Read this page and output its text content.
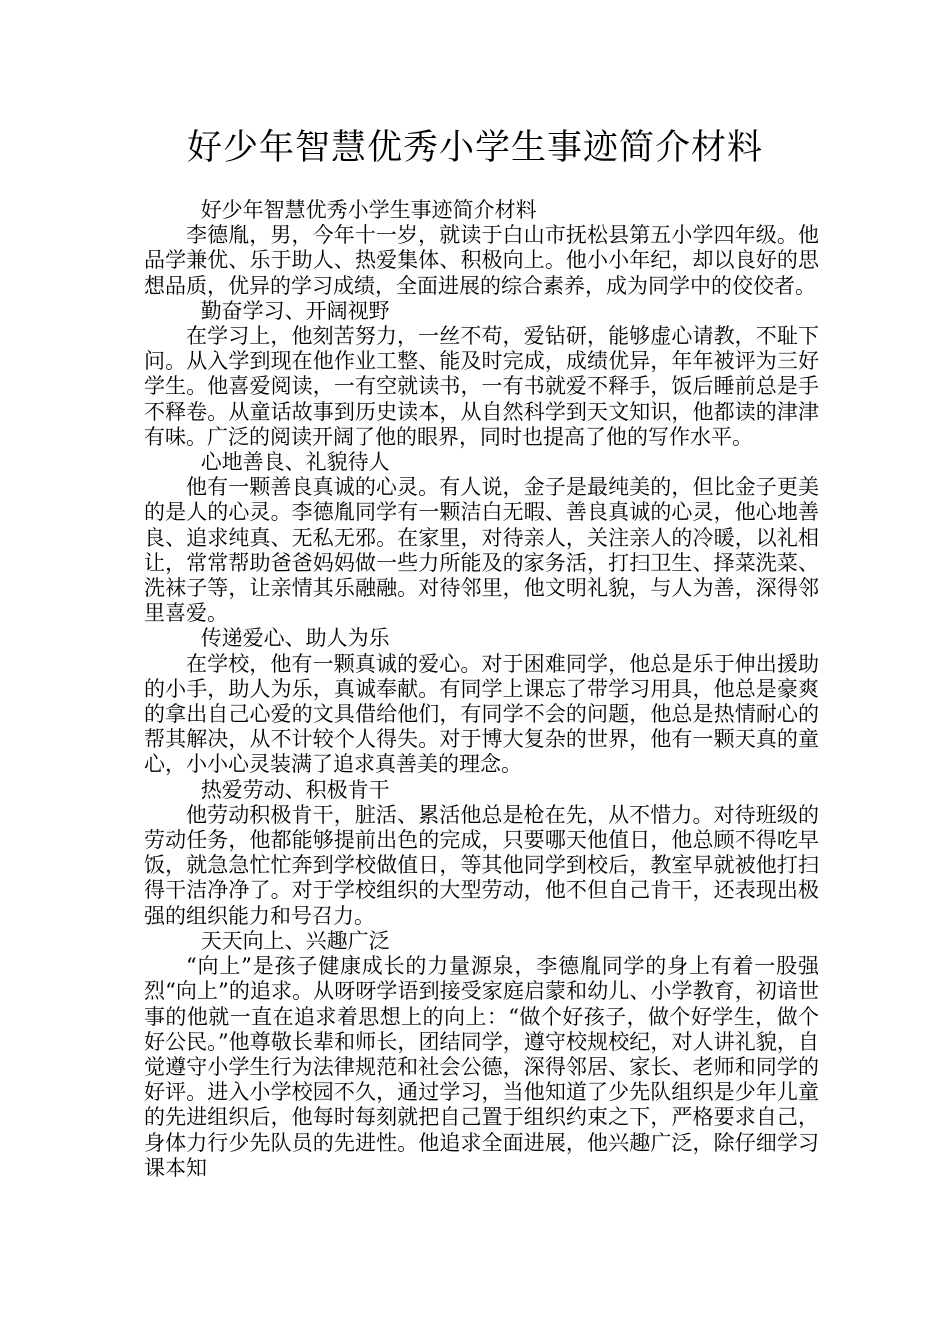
好少年智慧优秀小学生事迹简介材料

好少年智慧优秀小学生事迹简介材料

李德胤，男，今年十一岁，就读于白山市抚松县第五小学四年级。他品学兼优、乐于助人、热爱集体、积极向上。他小小年纪，却以良好的思想品质，优异的学习成绩，全面进展的综合素养，成为同学中的佼佼者。

勤奋学习、开阔视野

在学习上，他刻苦努力，一丝不苟，爱钻研，能够虚心请教，不耻下问。从入学到现在他作业工整、能及时完成，成绩优异，年年被评为三好学生。他喜爱阅读，一有空就读书，一有书就爱不释手，饭后睡前总是手不释卷。从童话故事到历史读本，从自然科学到天文知识，他都读的津津有味。广泛的阅读开阔了他的眼界，同时也提高了他的写作水平。

心地善良、礼貌待人

他有一颗善良真诚的心灵。有人说，金子是最纯美的，但比金子更美的是人的心灵。李德胤同学有一颗洁白无暇、善良真诚的心灵，他心地善良、追求纯真、无私无邪。在家里，对待亲人，关注亲人的冷暖，以礼相让，常常帮助爸爸妈妈做一些力所能及的家务活，打扫卫生、择菜洗菜、洗袜子等，让亲情其乐融融。对待邻里，他文明礼貌，与人为善，深得邻里喜爱。

传递爱心、助人为乐

在学校，他有一颗真诚的爱心。对于困难同学，他总是乐于伸出援助的小手，助人为乐，真诚奉献。有同学上课忘了带学习用具，他总是豪爽的拿出自己心爱的文具借给他们，有同学不会的问题，他总是热情耐心的帮其解决，从不计较个人得失。对于博大复杂的世界，他有一颗天真的童心，小小心灵装满了追求真善美的理念。

热爱劳动、积极肯干

他劳动积极肯干，脏活、累活他总是枪在先，从不惜力。对待班级的劳动任务，他都能够提前出色的完成，只要哪天他值日，他总顾不得吃早饭，就急急忙忙奔到学校做值日，等其他同学到校后，教室早就被他打扫得干洁净净了。对于学校组织的大型劳动，他不但自己肯干，还表现出极强的组织能力和号召力。

天天向上、兴趣广泛

“向上”是孩子健康成长的力量源泉，李德胤同学的身上有着一股强烈“向上”的追求。从呀呀学语到接受家庭启蒙和幼儿、小学教育，初谙世事的他就一直在追求着思想上的向上：“做个好孩子，做个好学生，做个好公民。”他尊敬长辈和师长，团结同学，遵守校规校纪，对人讲礼貌，自觉遵守小学生行为法律规范和社会公德，深得邻居、家长、老师和同学的好评。进入小学校园不久，通过学习，当他知道了少先队组织是少年儿童的先进组织后，他每时每刻就把自己置于组织约束之下，严格要求自己，身体力行少先队员的先进性。他追求全面进展，他兴趣广泛，除仔细学习课本知
